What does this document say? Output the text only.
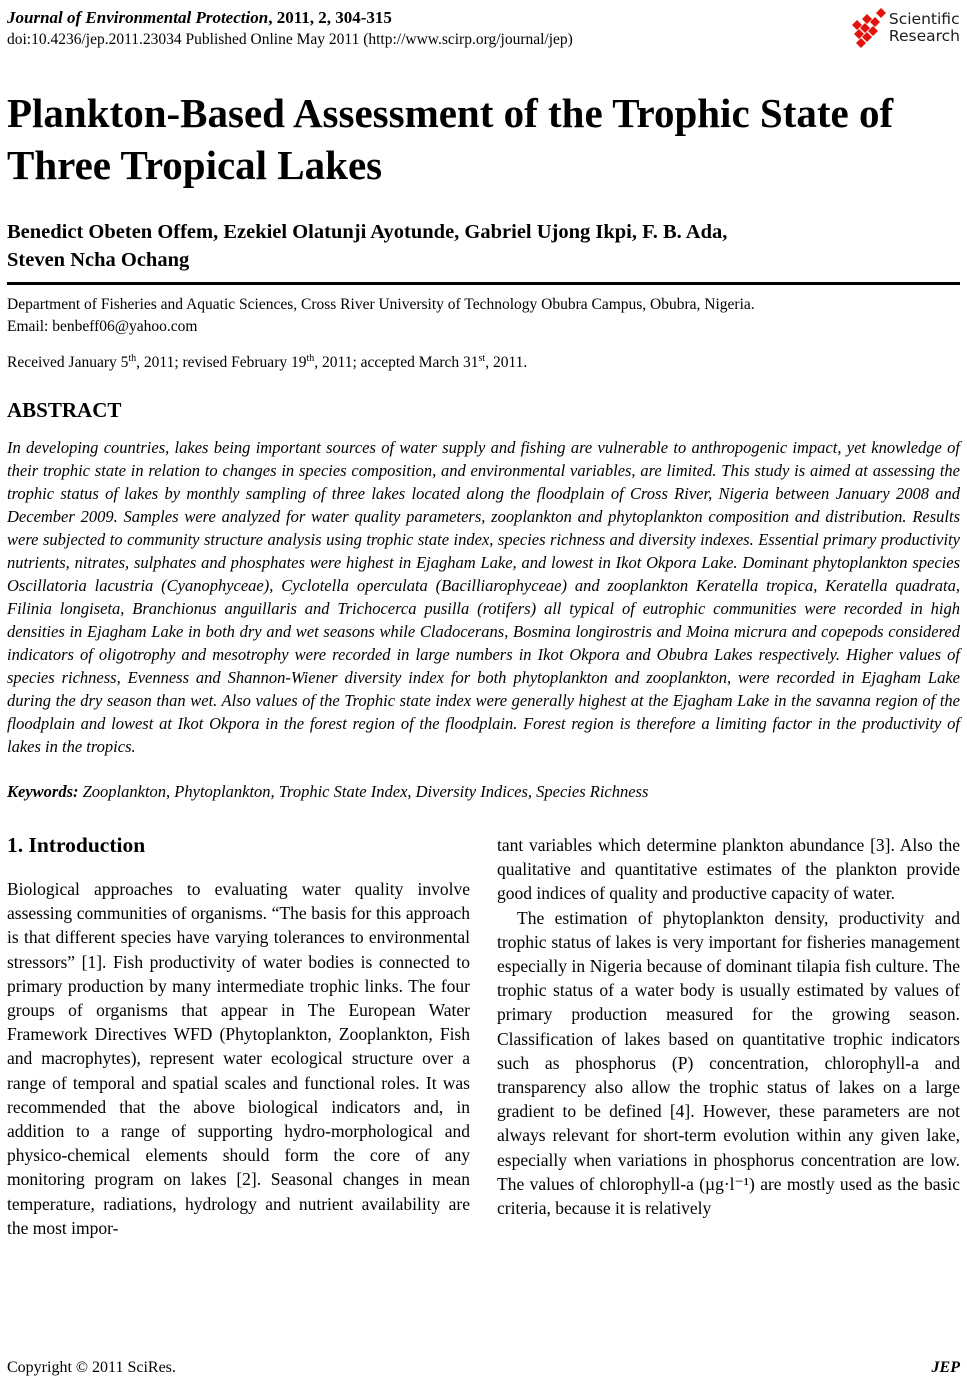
Journal of Environmental Protection, 2011, 2, 304-315
doi:10.4236/jep.2011.23034 Published Online May 2011 (http://www.scirp.org/journal/jep)
Scientific
Research
Plankton-Based Assessment of the Trophic State of
Three Tropical Lakes
Benedict Obeten Offem, Ezekiel Olatunji Ayotunde, Gabriel Ujong Ikpi, F. B. Ada,
Steven Ncha Ochang
Department of Fisheries and Aquatic Sciences, Cross River University of Technology Obubra Campus, Obubra, Nigeria.
Email: benbeff06@yahoo.com
Received January 5th, 2011; revised February 19th, 2011; accepted March 31st, 2011.
ABSTRACT

In developing countries, lakes being important sources of water supply and fishing are vulnerable to anthropogenic impact, yet knowledge of their trophic state in relation to changes in species composition, and environmental variables, are limited. This study is aimed at assessing the trophic status of lakes by monthly sampling of three lakes located along the floodplain of Cross River, Nigeria between January 2008 and December 2009. Samples were analyzed for water quality parameters, zooplankton and phytoplankton composition and distribution. Results were subjected to community structure analysis using trophic state index, species richness and diversity indexes. Essential primary productivity nutrients, nitrates, sulphates and phosphates were highest in Ejagham Lake, and lowest in Ikot Okpora Lake. Dominant phytoplankton species Oscillatoria lacustria (Cyanophyceae), Cyclotella operculata (Bacilliarophyceae) and zooplankton Keratella tropica, Keratella quadrata, Filinia longiseta, Branchionus anguillaris and Trichocerca pusilla (rotifers) all typical of eutrophic communities were recorded in high densities in Ejagham Lake in both dry and wet seasons while Cladocerans, Bosmina longirostris and Moina micrura and copepods considered indicators of oligotrophy and mesotrophy were recorded in large numbers in Ikot Okpora and Obubra Lakes respectively. Higher values of species richness, Evenness and Shannon-Wiener diversity index for both phytoplankton and zooplankton, were recorded in Ejagham Lake during the dry season than wet. Also values of the Trophic state index were generally highest at the Ejagham Lake in the savanna region of the floodplain and lowest at Ikot Okpora in the forest region of the floodplain. Forest region is therefore a limiting factor in the productivity of lakes in the tropics.

Keywords: Zooplankton, Phytoplankton, Trophic State Index, Diversity Indices, Species Richness

1. Introduction

Biological approaches to evaluating water quality involve assessing communities of organisms. “The basis for this approach is that different species have varying tolerances to environmental stressors” [1]. Fish productivity of water bodies is connected to primary production by many intermediate trophic links. The four groups of organisms that appear in The European Water Framework Directives WFD (Phytoplankton, Zooplankton, Fish and macrophytes), represent water ecological structure over a range of temporal and spatial scales and functional roles. It was recommended that the above biological indicators and, in addition to a range of supporting hydro-morphological and physico-chemical elements should form the core of any monitoring program on lakes [2]. Seasonal changes in mean temperature, radiations, hydrology and nutrient availability are the most impor-

tant variables which determine plankton abundance [3]. Also the qualitative and quantitative estimates of the plankton provide good indices of quality and productive capacity of water.

The estimation of phytoplankton density, productivity and trophic status of lakes is very important for fisheries management especially in Nigeria because of dominant tilapia fish culture. The trophic status of a water body is usually estimated by values of primary production measured for the growing season. Classification of lakes based on quantitative trophic indicators such as phosphorus (P) concentration, chlorophyll-a and transparency also allow the trophic status of lakes on a large gradient to be defined [4]. However, these parameters are not always relevant for short-term evolution within any given lake, especially when variations in phosphorus concentration are low. The values of chlorophyll-a (µg·l⁻¹) are mostly used as the basic criteria, because it is relatively

Copyright © 2011 SciRes.	JEP
